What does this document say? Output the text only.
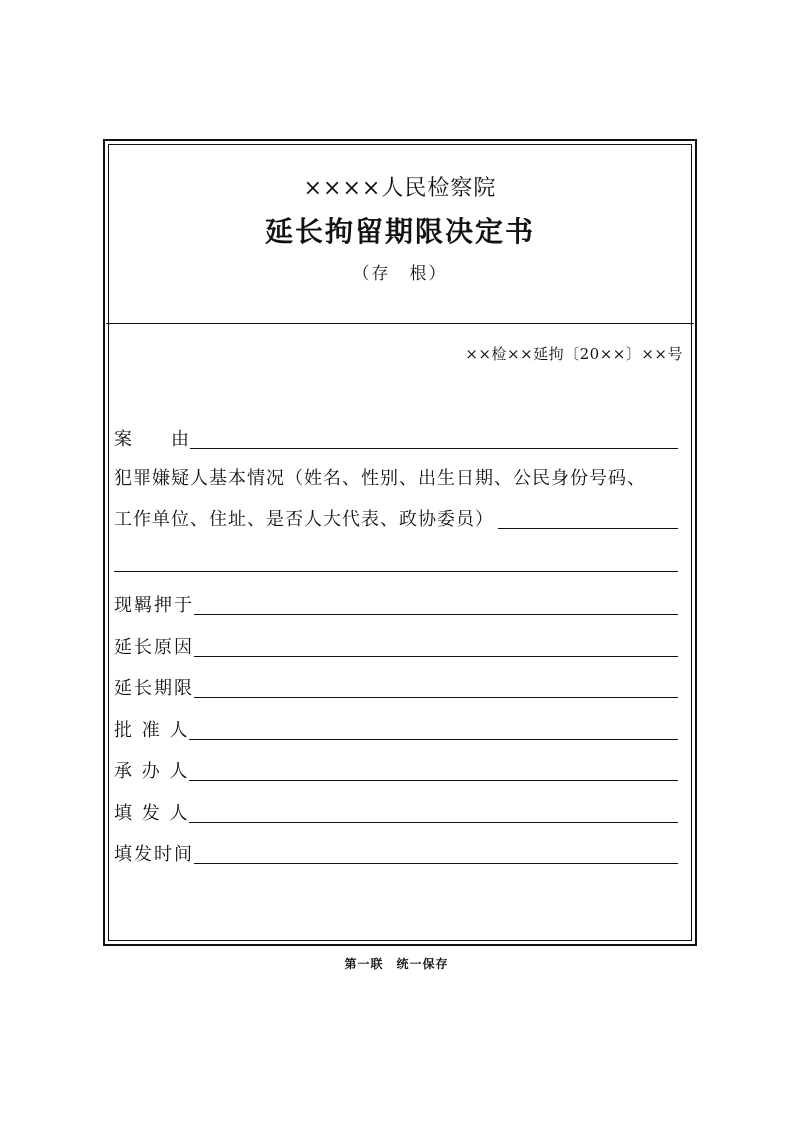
××××人民检察院
延长拘留期限决定书
（存　根）
××检××延拘〔20××〕××号
案　　由
犯罪嫌疑人基本情况（姓名、性别、出生日期、公民身份号码、
工作单位、住址、是否人大代表、政协委员）
现羁押于
延长原因
延长期限
批 准 人
承 办 人
填 发 人
填发时间
第一联　统一保存
